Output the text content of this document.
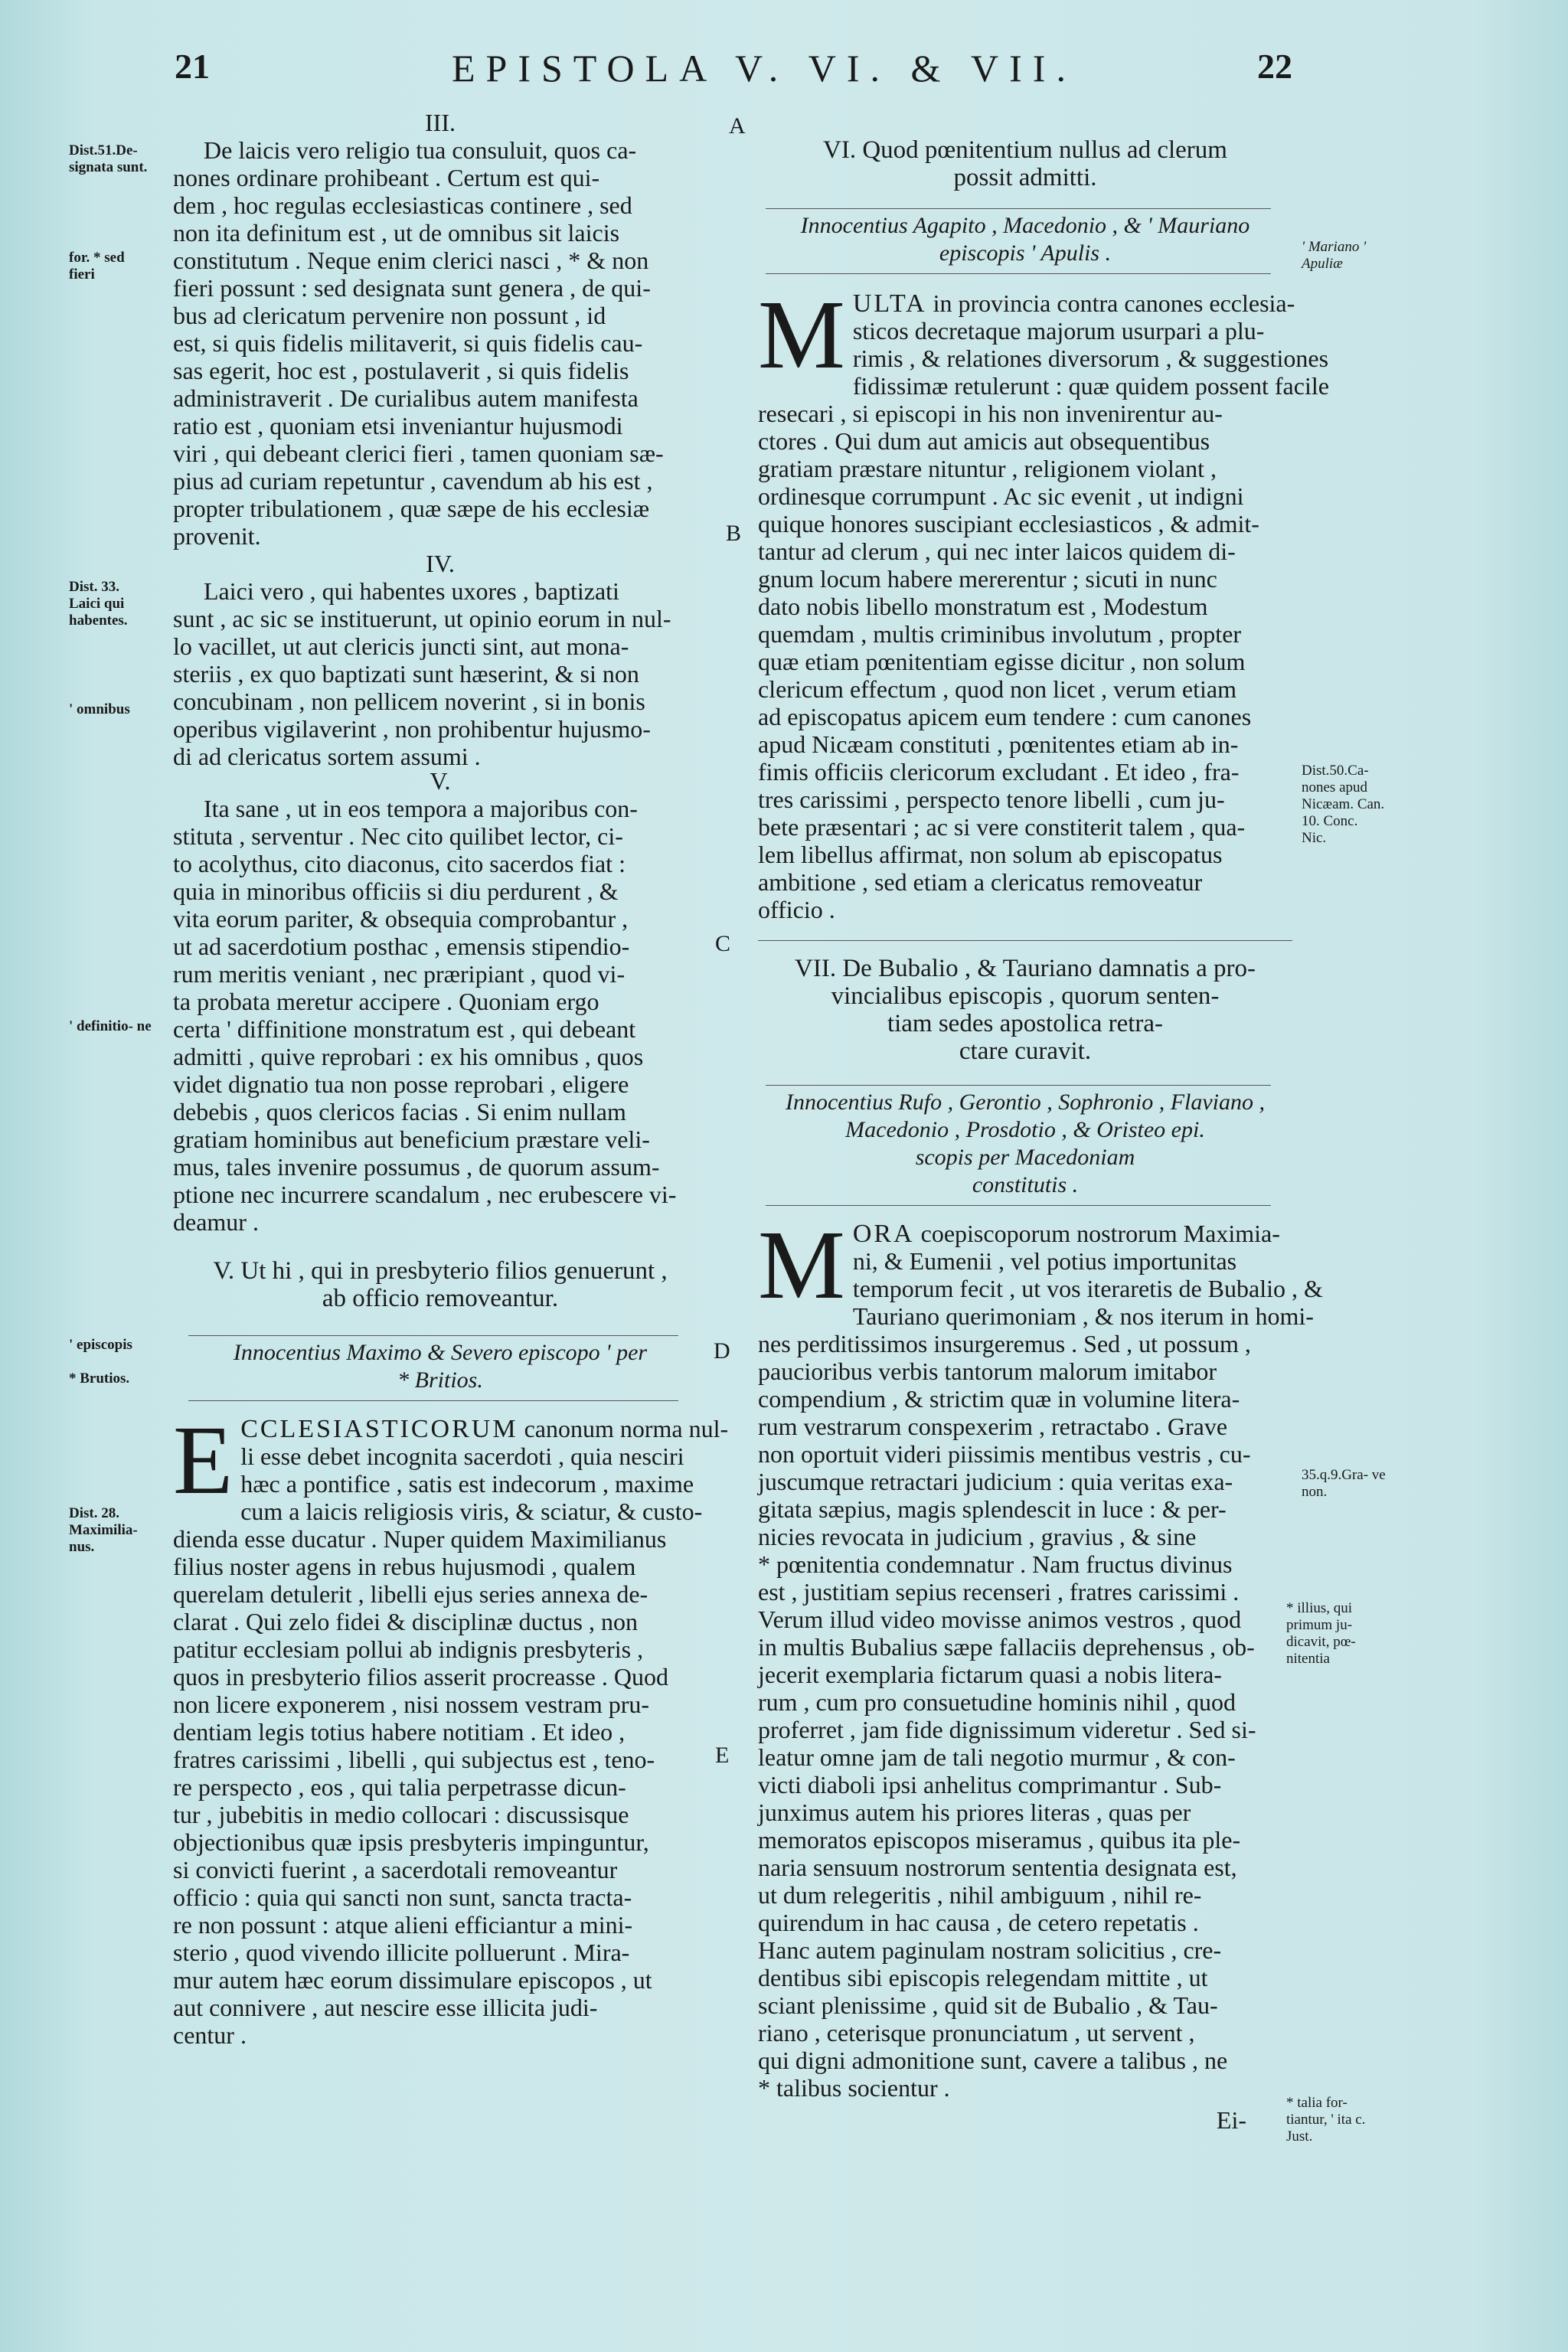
21	EPISTOLA V. VI. & VII.	22
A
B
C
D
E
Dist.51.De- signata sunt.
for. * sed fieri
Dist. 33. Laici qui habentes.
' omnibus
' definitio- ne
' episcopis
* Brutios.
Dist. 28. Maximilia- nus.
III.
De laicis vero religio tua consuluit, quos ca-
nones ordinare prohibeant . Certum est qui-
dem , hoc regulas ecclesiasticas continere , sed
non ita definitum est , ut de omnibus sit laicis
constitutum . Neque enim clerici nasci , * & non
fieri possunt : sed designata sunt genera , de qui-
bus ad clericatum pervenire non possunt , id
est, si quis fidelis militaverit, si quis fidelis cau-
sas egerit, hoc est , postulaverit , si quis fidelis
administraverit . De curialibus autem manifesta
ratio est , quoniam etsi inveniantur hujusmodi
viri , qui debeant clerici fieri , tamen quoniam sæ-
pius ad curiam repetuntur , cavendum ab his est ,
propter tribulationem , quæ sæpe de his ecclesiæ
provenit.
IV.
Laici vero , qui habentes uxores , baptizati
sunt , ac sic se instituerunt, ut opinio eorum in nul-
lo vacillet, ut aut clericis juncti sint, aut mona-
steriis , ex quo baptizati sunt hæserint, & si non
concubinam , non pellicem noverint , si in bonis
operibus vigilaverint , non prohibentur hujusmo-
di ad clericatus sortem assumi .
V.
Ita sane , ut in eos tempora a majoribus con-
stituta , serventur . Nec cito quilibet lector, ci-
to acolythus, cito diaconus, cito sacerdos fiat :
quia in minoribus officiis si diu perdurent , &
vita eorum pariter, & obsequia comprobantur ,
ut ad sacerdotium posthac , emensis stipendio-
rum meritis veniant , nec præripiant , quod vi-
ta probata meretur accipere . Quoniam ergo
certa ' diffinitione monstratum est , qui debeant
admitti , quive reprobari : ex his omnibus , quos
videt dignatio tua non posse reprobari , eligere
debebis , quos clericos facias . Si enim nullam
gratiam hominibus aut beneficium præstare veli-
mus, tales invenire possumus , de quorum assum-
ptione nec incurrere scandalum , nec erubescere vi-
deamur .
V. Ut hi , qui in presbyterio filios genuerunt ,
ab officio removeantur.
Innocentius Maximo & Severo episcopo ' per
* Britios.
E CCLESIASTICORUM canonum norma nul-
li esse debet incognita sacerdoti , quia nesciri
hæc a pontifice , satis est indecorum , maxime
cum a laicis religiosis viris, & sciatur, & custo-
dienda esse ducatur . Nuper quidem Maximilianus
filius noster agens in rebus hujusmodi , qualem
querelam detulerit , libelli ejus series annexa de-
clarat . Qui zelo fidei & disciplinæ ductus , non
patitur ecclesiam pollui ab indignis presbyteris ,
quos in presbyterio filios asserit procreasse . Quod
non licere exponerem , nisi nossem vestram pru-
dentiam legis totius habere notitiam . Et ideo ,
fratres carissimi , libelli , qui subjectus est , teno-
re perspecto , eos , qui talia perpetrasse dicun-
tur , jubebitis in medio collocari : discussisque
objectionibus quæ ipsis presbyteris impinguntur,
si convicti fuerint , a sacerdotali removeantur
officio : quia qui sancti non sunt, sancta tracta-
re non possunt : atque alieni efficiantur a mini-
sterio , quod vivendo illicite polluerunt . Mira-
mur autem hæc eorum dissimulare episcopos , ut
aut connivere , aut nescire esse illicita judi-
centur .
VI. Quod pœnitentium nullus ad clerum
possit admitti.
Innocentius Agapito , Macedonio , & ' Mauriano
episcopis ' Apulis .
M ULTA in provincia contra canones ecclesia-
sticos decretaque majorum usurpari a plu-
rimis , & relationes diversorum , & suggestiones
fidissimæ retulerunt : quæ quidem possent facile
resecari , si episcopi in his non invenirentur au-
ctores . Qui dum aut amicis aut obsequentibus
gratiam præstare nituntur , religionem violant ,
ordinesque corrumpunt . Ac sic evenit , ut indigni
quique honores suscipiant ecclesiasticos , & admit-
tantur ad clerum , qui nec inter laicos quidem di-
gnum locum habere mererentur ; sicuti in nunc
dato nobis libello monstratum est , Modestum
quemdam , multis criminibus involutum , propter
quæ etiam pœnitentiam egisse dicitur , non solum
clericum effectum , quod non licet , verum etiam
ad episcopatus apicem eum tendere : cum canones
apud Nicæam constituti , pœnitentes etiam ab in-
fimis officiis clericorum excludant . Et ideo , fra-
tres carissimi , perspecto tenore libelli , cum ju-
bete præsentari ; ac si vere constiterit talem , qua-
lem libellus affirmat, non solum ab episcopatus
ambitione , sed etiam a clericatus removeatur
officio .
VII. De Bubalio , & Tauriano damnatis a pro-
vincialibus episcopis , quorum senten-
tiam sedes apostolica retra-
ctare curavit.
Innocentius Rufo , Gerontio , Sophronio , Flaviano ,
Macedonio , Prosdotio , & Oristeo epi.
scopis per Macedoniam
constitutis .
M ORA coepiscoporum nostrorum Maximia-
ni, & Eumenii , vel potius importunitas
temporum fecit , ut vos iteraretis de Bubalio , &
Tauriano querimoniam , & nos iterum in homi-
nes perditissimos insurgeremus . Sed , ut possum ,
paucioribus verbis tantorum malorum imitabor
compendium , & strictim quæ in volumine litera-
rum vestrarum conspexerim , retractabo . Grave
non oportuit videri piissimis mentibus vestris , cu-
juscumque retractari judicium : quia veritas exa-
gitata sæpius, magis splendescit in luce : & per-
nicies revocata in judicium , gravius , & sine
* pœnitentia condemnatur . Nam fructus divinus
est , justitiam sepius recenseri , fratres carissimi .
Verum illud video movisse animos vestros , quod
in multis Bubalius sæpe fallaciis deprehensus , ob-
jecerit exemplaria fictarum quasi a nobis litera-
rum , cum pro consuetudine hominis nihil , quod
proferret , jam fide dignissimum videretur . Sed si-
leatur omne jam de tali negotio murmur , & con-
victi diaboli ipsi anhelitus comprimantur . Sub-
junximus autem his priores literas , quas per
memoratos episcopos miseramus , quibus ita ple-
naria sensuum nostrorum sententia designata est,
ut dum relegeritis , nihil ambiguum , nihil re-
quirendum in hac causa , de cetero repetatis .
Hanc autem paginulam nostram solicitius , cre-
dentibus sibi episcopis relegendam mittite , ut
sciant plenissime , quid sit de Bubalio , & Tau-
riano , ceterisque pronunciatum , ut servent ,
qui digni admonitione sunt, cavere a talibus , ne
* talibus socientur .
Ei-
' Mariano ' Apuliæ
Dist.50.Ca- nones apud Nicæam. Can. 10. Conc. Nic.
35.q.9.Gra- ve non.
* illius, qui primum ju- dicavit, pœ- nitentia
* talia for- tiantur, ' ita c. Just.
